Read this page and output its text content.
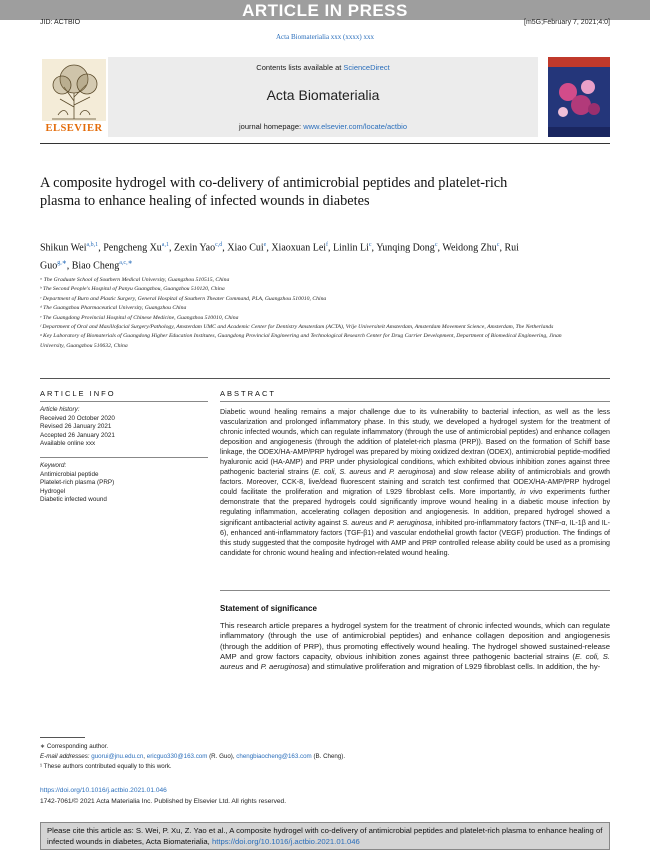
ARTICLE IN PRESS
JID: ACTBIO	[m5G;February 7, 2021;4:0]
Acta Biomaterialia xxx (xxxx) xxx
ELSEVIER
Contents lists available at ScienceDirect
Acta Biomaterialia
journal homepage: www.elsevier.com/locate/actbio
A composite hydrogel with co-delivery of antimicrobial peptides and platelet-rich plasma to enhance healing of infected wounds in diabetes
Shikun Wei$^{a,b,1}$, Pengcheng Xu$^{a,1}$, Zexin Yao$^{c,d}$, Xiao Cui$^e$, Xiaoxuan Lei$^f$, Linlin Li$^c$, Yunqing Dong$^c$, Weidong Zhu$^c$, Rui Guo$^{g,∗}$, Biao Cheng$^{a,c,∗}$
ᵃ The Graduate School of Southern Medical University, Guangzhou 510515, China
ᵇ The Second People's Hospital of Panyu Guangzhou, Guangzhou 510120, China
ᶜ Department of Burn and Plastic Surgery, General Hospital of Southern Theater Command, PLA, Guangzhou 510010, China
ᵈ The Guangzhou Pharmaceutical University, Guangzhou China
ᵉ The Guangdong Provincial Hospital of Chinese Medicine, Guangzhou 510010, China
ᶠ Department of Oral and Maxillofacial Surgery/Pathology, Amsterdam UMC and Academic Center for Dentistry Amsterdam (ACTA), Vrije Universiteit Amsterdam, Amsterdam Movement Science, Amsterdam, The Netherlands
ᵍ Key Laboratory of Biomaterials of Guangdong Higher Education Institutes, Guangdong Provincial Engineering and Technological Research Center for Drug Carrier Development, Department of Biomedical Engineering, Jinan University, Guangzhou 510632, China
ARTICLE INFO	ABSTRACT
Article history:
Received 20 October 2020
Revised 26 January 2021
Accepted 26 January 2021
Available online xxx
Keyword:
Antimicrobial peptide
Platelet-rich plasma (PRP)
Hydrogel
Diabetic infected wound
Diabetic wound healing remains a major challenge due to its vulnerability to bacterial infection, as well as the less vascularization and prolonged inflammatory phase. In this study, we developed a hydrogel system for the treatment of chronic infected wounds, which can regulate inflammatory (through the use of antimicrobial peptides) and enhance collagen deposition and angiogenesis (through the addition of platelet-rich plasma (PRP)). Based on the formation of Schiff base linkage, the ODEX/HA-AMP/PRP hydrogel was prepared by mixing oxidized dextran (ODEX), antimicrobial peptide-modified hyaluronic acid (HA-AMP) and PRP under physiological conditions, which exhibited obvious inhibition zones against three pathogenic bacterial strains (E. coli, S. aureus and P. aeruginosa) and slow release ability of antimicrobials and growth factors. Moreover, CCK-8, live/dead fluorescent staining and scratch test confirmed that ODEX/HA-AMP/PRP hydrogel could facilitate the proliferation and migration of L929 fibroblast cells. More importantly, in vivo experiments further demonstrate that the prepared hydrogels could significantly improve wound healing in a diabetic mouse infection by regulating inflammation, accelerating collagen deposition and angiogenesis. In addition, prepared hydrogel showed a significant antibacterial activity against S. aureus and P. aeruginosa, inhibited pro-inflammatory factors (TNF-α, IL-1β and IL-6), enhanced anti-inflammatory factors (TGF-β1) and vascular endothelial growth factor (VEGF) production. The findings of this study suggested that the composite hydrogel with AMP and PRP controlled release ability could be used as a promising candidate for chronic wound healing and infection-related wound healing.
Statement of significance
This research article prepares a hydrogel system for the treatment of chronic infected wounds, which can regulate inflammatory (through the use of antimicrobial peptides) and enhance collagen deposition and angiogenesis (through the addition of PRP), thus promoting effectively wound healing. The hydrogel showed sustained-release AMP and grow factors capacity, obvious inhibition zones against three pathogenic bacterial strains (E. coli, S. aureus and P. aeruginosa) and stimulative proliferation and migration of L929 fibroblast cells. In addition, the hy-
∗ Corresponding author.
E-mail addresses: guorui@jnu.edu.cn, ericguo330@163.com (R. Guo), chengbiaocheng@163.com (B. Cheng).
¹ These authors contributed equally to this work.
https://doi.org/10.1016/j.actbio.2021.01.046
1742-7061/© 2021 Acta Materialia Inc. Published by Elsevier Ltd. All rights reserved.
Please cite this article as: S. Wei, P. Xu, Z. Yao et al., A composite hydrogel with co-delivery of antimicrobial peptides and platelet-rich plasma to enhance healing of infected wounds in diabetes, Acta Biomaterialia, https://doi.org/10.1016/j.actbio.2021.01.046
